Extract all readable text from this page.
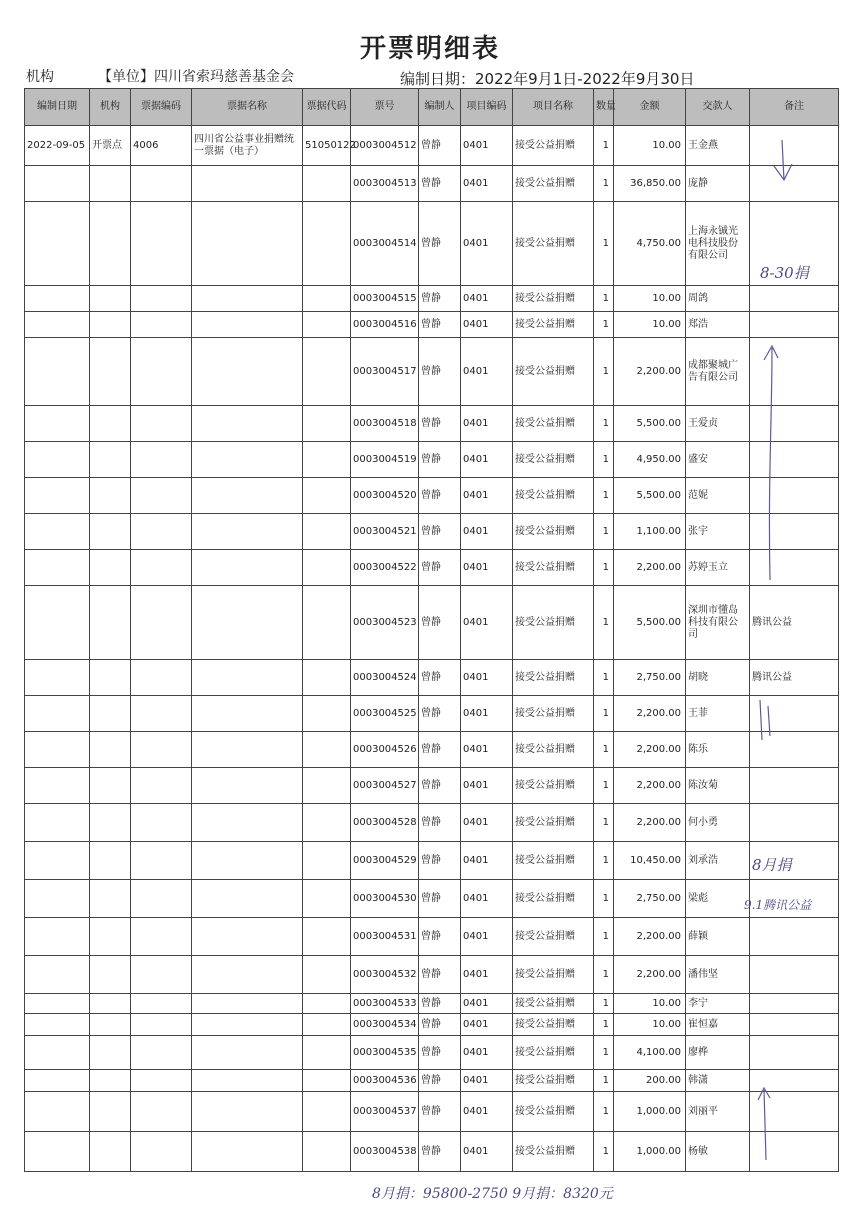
开票明细表
机构	【单位】四川省索玛慈善基金会	编制日期：2022年9月1日-2022年9月30日
编制日期	机构	票据编码	票据名称	票据代码	票号	编制人	项目编码	项目名称	数量	金额	交款人	备注
2022-09-05	开票点	4006	四川省公益事业捐赠统一票据（电子）	51050122	0003004512	曾静	0401	接受公益捐赠	1	10.00	王金燕	
					0003004513	曾静	0401	接受公益捐赠	1	36,850.00	庞静	
					0003004514	曾静	0401	接受公益捐赠	1	4,750.00	上海永铖光电科技股份有限公司	
					0003004515	曾静	0401	接受公益捐赠	1	10.00	周鸽	
					0003004516	曾静	0401	接受公益捐赠	1	10.00	郑浩	
					0003004517	曾静	0401	接受公益捐赠	1	2,200.00	成都聚城广告有限公司	
					0003004518	曾静	0401	接受公益捐赠	1	5,500.00	王爱贞	
					0003004519	曾静	0401	接受公益捐赠	1	4,950.00	盛安	
					0003004520	曾静	0401	接受公益捐赠	1	5,500.00	范妮	
					0003004521	曾静	0401	接受公益捐赠	1	1,100.00	张宇	
					0003004522	曾静	0401	接受公益捐赠	1	2,200.00	苏婷玉立	
					0003004523	曾静	0401	接受公益捐赠	1	5,500.00	深圳市懂岛科技有限公司	腾讯公益
					0003004524	曾静	0401	接受公益捐赠	1	2,750.00	胡晓	腾讯公益
					0003004525	曾静	0401	接受公益捐赠	1	2,200.00	王菲	
					0003004526	曾静	0401	接受公益捐赠	1	2,200.00	陈乐	
					0003004527	曾静	0401	接受公益捐赠	1	2,200.00	陈汝菊	
					0003004528	曾静	0401	接受公益捐赠	1	2,200.00	何小勇	
					0003004529	曾静	0401	接受公益捐赠	1	10,450.00	刘承浩	
					0003004530	曾静	0401	接受公益捐赠	1	2,750.00	梁彪	
					0003004531	曾静	0401	接受公益捐赠	1	2,200.00	薛颖	
					0003004532	曾静	0401	接受公益捐赠	1	2,200.00	潘伟坚	
					0003004533	曾静	0401	接受公益捐赠	1	10.00	李宁	
					0003004534	曾静	0401	接受公益捐赠	1	10.00	崔恒嘉	
					0003004535	曾静	0401	接受公益捐赠	1	4,100.00	廖桦	
					0003004536	曾静	0401	接受公益捐赠	1	200.00	韩潇	
					0003004537	曾静	0401	接受公益捐赠	1	1,000.00	刘丽平	
					0003004538	曾静	0401	接受公益捐赠	1	1,000.00	杨敏	
8-30捐
8月捐
9.1腾讯公益
8月捐：95800-2750 9月捐：8320元
